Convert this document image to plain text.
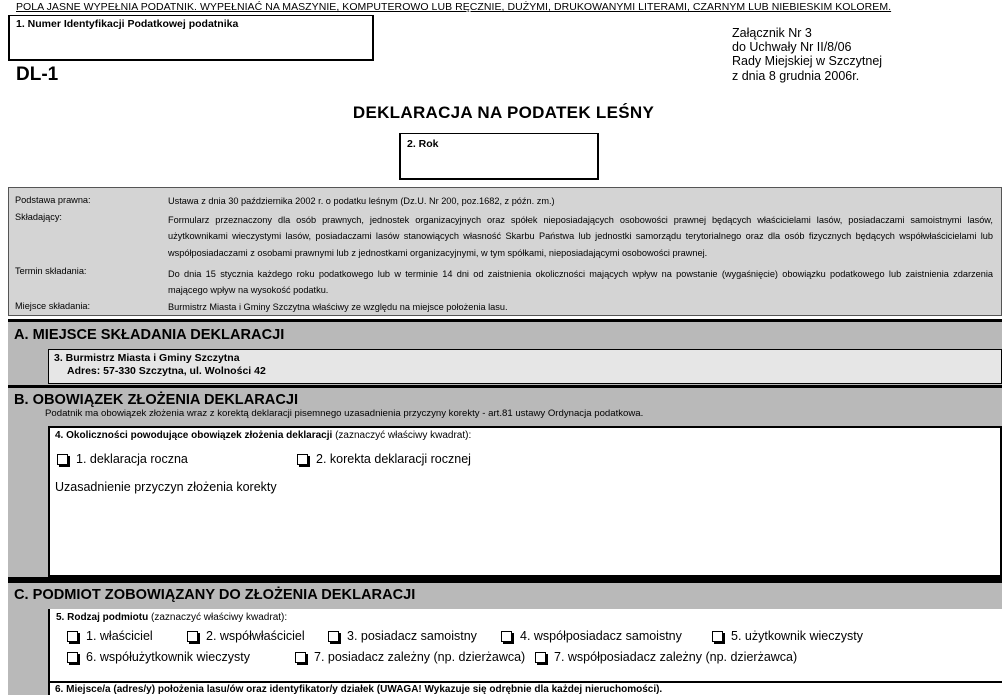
POLA JASNE WYPEŁNIA PODATNIK. WYPEŁNIAĆ NA MASZYNIE, KOMPUTEROWO LUB RĘCZNIE, DUŻYMI, DRUKOWANYMI LITERAMI, CZARNYM LUB NIEBIESKIM KOLOREM.
1. Numer Identyfikacji Podatkowej podatnika
DL-1
Załącznik Nr 3
do Uchwały Nr II/8/06
Rady Miejskiej w Szczytnej
z dnia 8 grudnia 2006r.
DEKLARACJA NA PODATEK LEŚNY
2. Rok
Podstawa prawna:	Ustawa z dnia 30 października 2002 r. o podatku leśnym (Dz.U. Nr 200, poz.1682, z późn. zm.)
Składający:	Formularz przeznaczony dla osób prawnych, jednostek organizacyjnych oraz spółek nieposiadających osobowości prawnej będących właścicielami lasów, posiadaczami samoistnymi lasów, użytkownikami wieczystymi lasów, posiadaczami lasów stanowiących własność Skarbu Państwa lub jednostki samorządu terytorialnego oraz dla osób fizycznych będących współwłaścicielami lub współposiadaczami z osobami prawnymi lub z jednostkami organizacyjnymi, w tym spółkami, nieposiadającymi osobowości prawnej.
Termin składania:	Do dnia 15 stycznia każdego roku podatkowego lub w terminie 14 dni od zaistnienia okoliczności mających wpływ na powstanie (wygaśnięcie) obowiązku podatkowego lub zaistnienia zdarzenia mającego wpływ na wysokość podatku.
Miejsce składania:	Burmistrz Miasta i Gminy Szczytna właściwy ze względu na miejsce położenia lasu.
A. MIEJSCE SKŁADANIA DEKLARACJI
3. Burmistrz Miasta i Gminy Szczytna
Adres: 57-330 Szczytna, ul. Wolności 42
B. OBOWIĄZEK ZŁOŻENIA DEKLARACJI
Podatnik ma obowiązek złożenia wraz z korektą deklaracji pisemnego uzasadnienia przyczyny korekty - art.81 ustawy Ordynacja podatkowa.
4. Okoliczności powodujące obowiązek złożenia deklaracji (zaznaczyć właściwy kwadrat):
1. deklaracja roczna	2. korekta deklaracji rocznej
Uzasadnienie przyczyn złożenia korekty
C. PODMIOT ZOBOWIĄZANY DO ZŁOŻENIA DEKLARACJI
5. Rodzaj podmiotu (zaznaczyć właściwy kwadrat):
1. właściciel	2. współwłaściciel	3. posiadacz samoistny	4. współposiadacz samoistny	5. użytkownik wieczysty
6. współużytkownik wieczysty	7. posiadacz zależny (np. dzierżawca)	7. współposiadacz zależny (np. dzierżawca)
6. Miejsce/a (adres/y) położenia lasu/ów oraz identyfikator/y działek (UWAGA! Wykazuje się odrębnie dla każdej nieruchomości).
